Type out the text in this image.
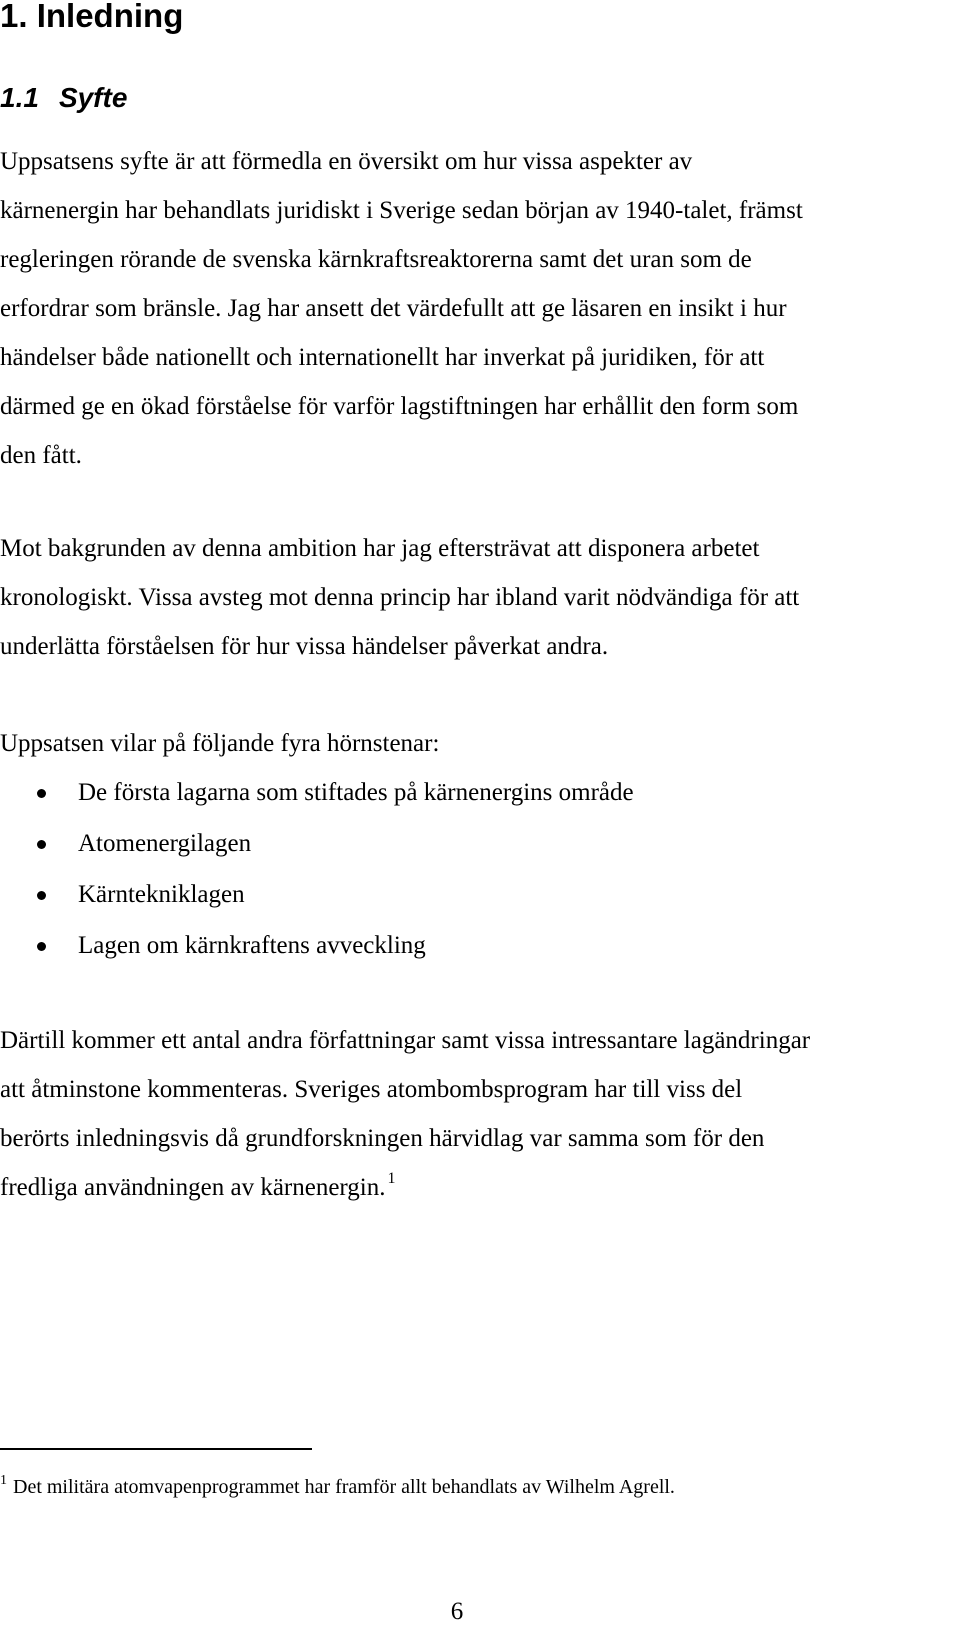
1. Inledning
1.1 Syfte

Uppsatsens syfte är att förmedla en översikt om hur vissa aspekter av
kärnenergin har behandlats juridiskt i Sverige sedan början av 1940-talet, främst
regleringen rörande de svenska kärnkraftsreaktorerna samt det uran som de
erfordrar som bränsle. Jag har ansett det värdefullt att ge läsaren en insikt i hur
händelser både nationellt och internationellt har inverkat på juridiken, för att
därmed ge en ökad förståelse för varför lagstiftningen har erhållit den form som
den fått.

Mot bakgrunden av denna ambition har jag eftersträvat att disponera arbetet
kronologiskt. Vissa avsteg mot denna princip har ibland varit nödvändiga för att
underlätta förståelsen för hur vissa händelser påverkat andra.

Uppsatsen vilar på följande fyra hörnstenar:

De första lagarna som stiftades på kärnenergins område
Atomenergilagen
Kärntekniklagen
Lagen om kärnkraftens avveckling

Därtill kommer ett antal andra författningar samt vissa intressantare lagändringar
att åtminstone kommenteras. Sveriges atombombsprogram har till viss del
berörts inledningsvis då grundforskningen härvidlag var samma som för den
fredliga användningen av kärnenergin. $^1$

$^1$ Det militära atomvapenprogrammet har framför allt behandlats av Wilhelm Agrell.

6
